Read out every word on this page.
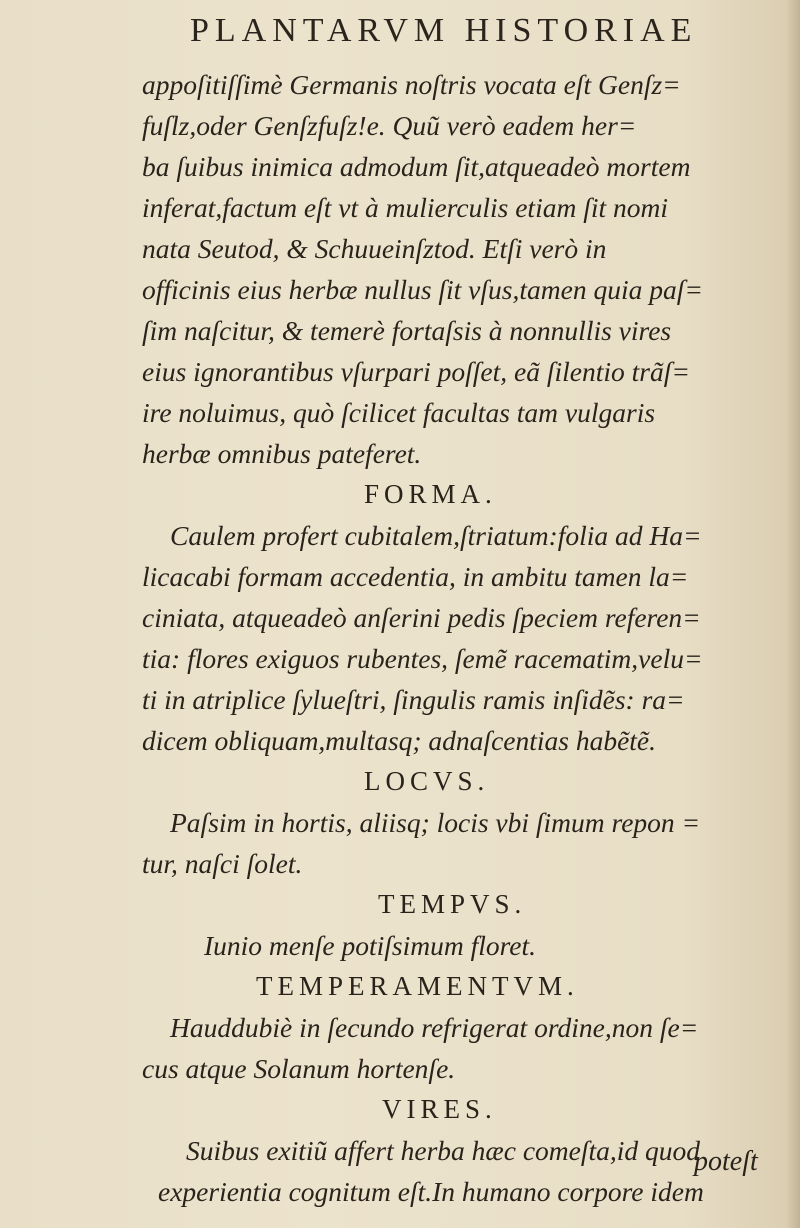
PLANTARVM HISTORIAE
appoſitiſſimè Germanis noſtris vocata eſt Genſz=
fuſlz,oder Genſzfuſz!e. Quũ verò eadem her=
ba ſuibus inimica admodum ſit,atqueadeò mortem
inferat,factum eſt vt à mulierculis etiam ſit nomi
nata Seutod, & Schuueinſztod. Etſi verò in
officinis eius herbæ nullus ſit vſus,tamen quia paſ=
ſim naſcitur, & temerè fortaſsis à nonnullis vires
eius ignorantibus vſurpari poſſet, eã ſilentio trãſ=
ire noluimus, quò ſcilicet facultas tam vulgaris
herbæ omnibus pateferet.
FORMA.
Caulem profert cubitalem,ſtriatum:folia ad Ha=
licacabi formam accedentia, in ambitu tamen la=
ciniata, atqueadeò anſerini pedis ſpeciem referen=
tia: flores exiguos rubentes, ſemẽ racematim,velu=
ti in atriplice ſylueſtri, ſingulis ramis inſidẽs: ra=
dicem obliquam,multasq; adnaſcentias habẽtẽ.
LOCVS.
Paſsim in hortis, aliisq; locis vbi ſimum repon =
tur, naſci ſolet.
TEMPVS.
Iunio menſe potiſsimum floret.
TEMPERAMENTVM.
Hauddubiè in ſecundo refrigerat ordine,non ſe=
cus atque Solanum hortenſe.
VIRES.
Suibus exitiũ affert herba hæc comeſta,id quod
experientia cognitum eſt.In humano corpore idem
poteſt
